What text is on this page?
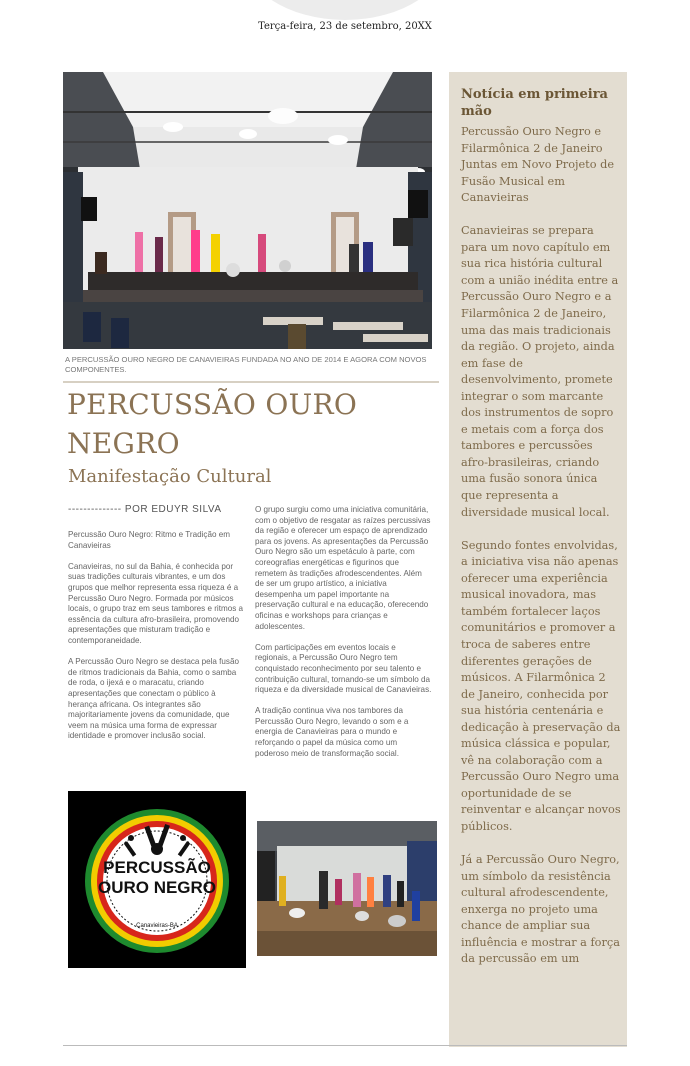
Terça-feira, 23 de setembro, 20XX
A PERCUSSÃO OURO NEGRO DE CANAVIEIRAS FUNDADA NO ANO DE 2014 E AGORA COM NOVOS COMPONENTES.
PERCUSSÃO OURO NEGRO
Manifestação Cultural
-------------- POR EDUYR SILVA

Percussão Ouro Negro: Ritmo e Tradição em Canavieiras

Canavieiras, no sul da Bahia, é conhecida por suas tradições culturais vibrantes, e um dos grupos que melhor representa essa riqueza é a Percussão Ouro Negro. Formada por músicos locais, o grupo traz em seus tambores e ritmos a essência da cultura afro-brasileira, promovendo apresentações que misturam tradição e contemporaneidade.

A Percussão Ouro Negro se destaca pela fusão de ritmos tradicionais da Bahia, como o samba de roda, o ijexá e o maracatu, criando apresentações que conectam o público à herança africana. Os integrantes são majoritariamente jovens da comunidade, que veem na música uma forma de expressar identidade e promover inclusão social.

O grupo surgiu como uma iniciativa comunitária, com o objetivo de resgatar as raízes percussivas da região e oferecer um espaço de aprendizado para os jovens. As apresentações da Percussão Ouro Negro são um espetáculo à parte, com coreografias energéticas e figurinos que remetem às tradições afrodescendentes. Além de ser um grupo artístico, a iniciativa desempenha um papel importante na preservação cultural e na educação, oferecendo oficinas e workshops para crianças e adolescentes.

Com participações em eventos locais e regionais, a Percussão Ouro Negro tem conquistado reconhecimento por seu talento e contribuição cultural, tornando-se um símbolo da riqueza e da diversidade musical de Canavieiras.

A tradição continua viva nos tambores da Percussão Ouro Negro, levando o som e a energia de Canavieiras para o mundo e reforçando o papel da música como um poderoso meio de transformação social.

PERCUSSÃO
OURO NEGRO
Canavieiras-BA
Notícia em primeira mão

Percussão Ouro Negro e Filarmônica 2 de Janeiro Juntas em Novo Projeto de Fusão Musical em Canavieiras

Canavieiras se prepara para um novo capítulo em sua rica história cultural com a união inédita entre a Percussão Ouro Negro e a Filarmônica 2 de Janeiro, uma das mais tradicionais da região. O projeto, ainda em fase de desenvolvimento, promete integrar o som marcante dos instrumentos de sopro e metais com a força dos tambores e percussões afro-brasileiras, criando uma fusão sonora única que representa a diversidade musical local.

Segundo fontes envolvidas, a iniciativa visa não apenas oferecer uma experiência musical inovadora, mas também fortalecer laços comunitários e promover a troca de saberes entre diferentes gerações de músicos. A Filarmônica 2 de Janeiro, conhecida por sua história centenária e dedicação à preservação da música clássica e popular, vê na colaboração com a Percussão Ouro Negro uma oportunidade de se reinventar e alcançar novos públicos.

Já a Percussão Ouro Negro, um símbolo da resistência cultural afrodescendente, enxerga no projeto uma chance de ampliar sua influência e mostrar a força da percussão em um
